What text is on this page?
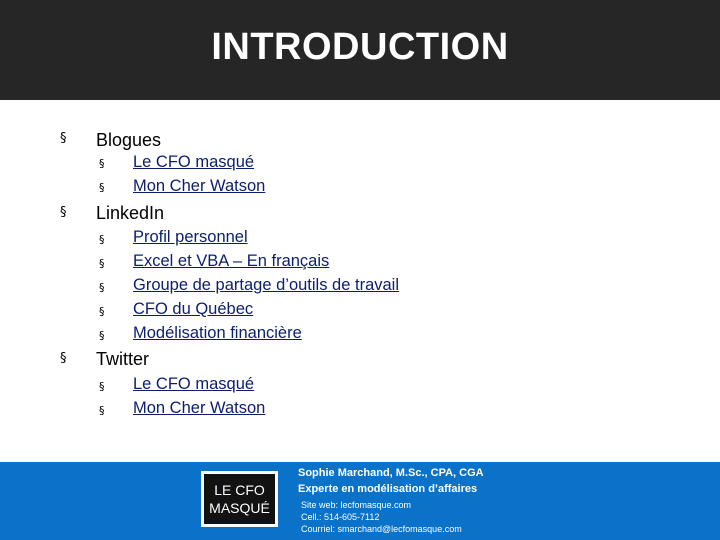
INTRODUCTION
§ Blogues
§ Le CFO masqué
§ Mon Cher Watson
§ LinkedIn
§ Profil personnel
§ Excel et VBA – En français
§ Groupe de partage d’outils de travail
§ CFO du Québec
§ Modélisation financière
§ Twitter
§ Le CFO masqué
§ Mon Cher Watson
LE CFO
MASQUÉ
Sophie Marchand, M.Sc., CPA, CGA
Experte en modélisation d’affaires
Site web: lecfomasque.com
Cell.: 514-605-7112
Courriel: smarchand@lecfomasque.com
